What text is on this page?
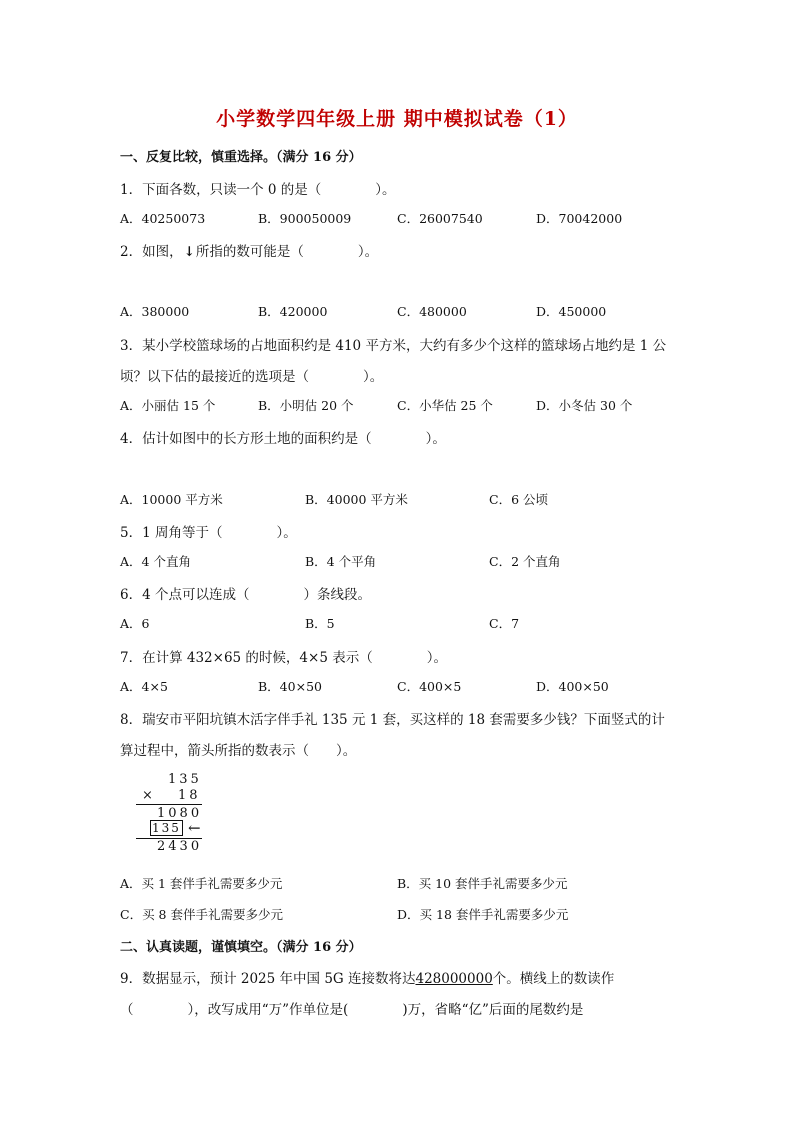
小学数学四年级上册 期中模拟试卷（1）
一、反复比较，慎重选择。（满分 16 分）
1．下面各数，只读一个 0 的是（　　　　）。
A．40250073	B．900050009	C．26007540	D．70042000
2．如图，↓所指的数可能是（　　　　）。
A．380000	B．420000	C．480000	D．450000
3．某小学校篮球场的占地面积约是 410 平方米，大约有多少个这样的篮球场占地约是 1 公
顷？以下估的最接近的选项是（　　　　）。
A．小丽估 15 个	B．小明估 20 个	C．小华估 25 个	D．小冬估 30 个
4．估计如图中的长方形土地的面积约是（　　　　）。
A．10000 平方米	B．40000 平方米	C．6 公顷
5．1 周角等于（　　　　）。
A．4 个直角	B．4 个平角	C．2 个直角
6．4 个点可以连成（　　　　）条线段。
A．6	B．5	C．7
7．在计算 432×65 的时候，4×5 表示（　　　　）。
A．4×5	B．40×50	C．400×5	D．400×50
8．瑞安市平阳坑镇木活字伴手礼 135 元 1 套，买这样的 18 套需要多少钱？下面竖式的计
算过程中，箭头所指的数表示（　　）。
135
× 18
1080
135 ←
2430
A．买 1 套伴手礼需要多少元	B．买 10 套伴手礼需要多少元
C．买 8 套伴手礼需要多少元	D．买 18 套伴手礼需要多少元
二、认真读题，谨慎填空。（满分 16 分）
9．数据显示，预计 2025 年中国 5G 连接数将达428000000个。横线上的数读作
（　　　　），改写成用“万”作单位是(　　　　)万，省略“亿”后面的尾数约是
